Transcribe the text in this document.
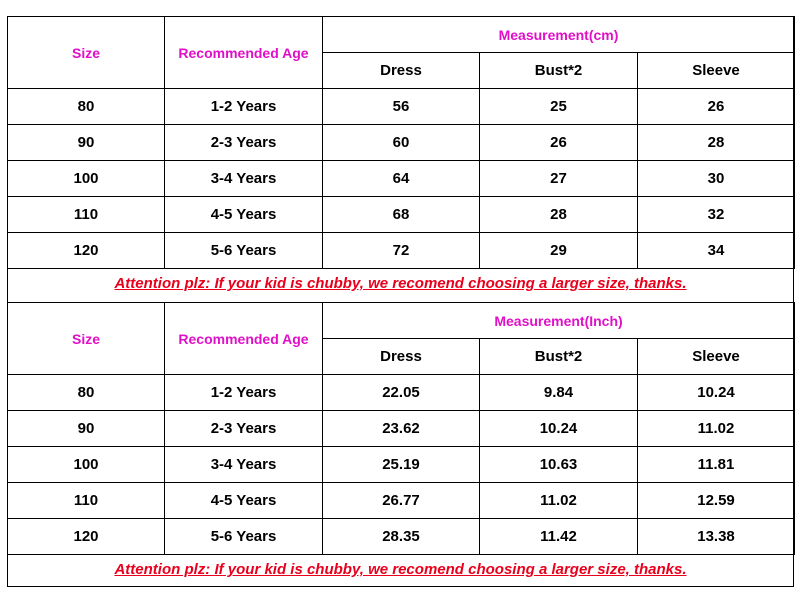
Size	Recommended Age	Measurement(cm)		
		Dress	Bust*2	Sleeve
80	1-2 Years	56	25	26
90	2-3 Years	60	26	28
100	3-4 Years	64	27	30
110	4-5 Years	68	28	32
120	5-6 Years	72	29	34
Attention plz: If your kid is chubby, we recomend choosing a larger size, thanks.
Size	Recommended Age	Measurement(Inch)		
		Dress	Bust*2	Sleeve
80	1-2 Years	22.05	9.84	10.24
90	2-3 Years	23.62	10.24	11.02
100	3-4 Years	25.19	10.63	11.81
110	4-5 Years	26.77	11.02	12.59
120	5-6 Years	28.35	11.42	13.38
Attention plz: If your kid is chubby, we recomend choosing a larger size, thanks.
